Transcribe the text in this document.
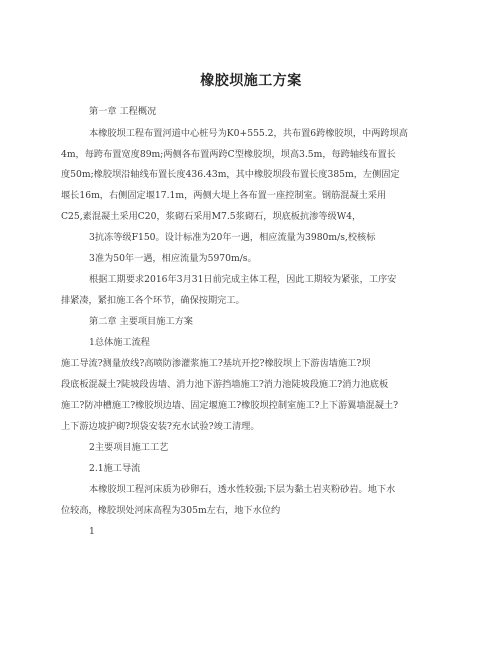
橡胶坝施工方案
第一章 工程概况
本橡胶坝工程布置河道中心桩号为K0+555.2，共布置6跨橡胶坝，中两跨坝高
4m，每跨布置宽度89m;两侧各布置两跨C型橡胶坝，坝高3.5m，每跨轴线布置长
度50m;橡胶坝沿轴线布置长度436.43m，其中橡胶坝段布置长度385m，左侧固定
堰长16m，右侧固定堰17.1m，两侧大堤上各布置一座控制室。钢筋混凝土采用
C25,素混凝土采用C20，浆砌石采用M7.5浆砌石，坝底板抗渗等级W4，
3抗冻等级F150。设计标准为20年一遇，相应流量为3980m/s,校核标
3准为50年一遇，相应流量为5970m/s。
根据工期要求2016年3月31日前完成主体工程，因此工期较为紧张，工序安
排紧凑，紧扣施工各个环节，确保按期完工。
第二章 主要项目施工方案
1总体施工流程
施工导流?测量放线?高喷防渗灌浆施工?基坑开挖?橡胶坝上下游齿墙施工?坝
段底板混凝土?陡坡段齿墙、消力池下游挡墙施工?消力池陡坡段施工?消力池底板
施工?防冲槽施工?橡胶坝边墙、固定堰施工?橡胶坝控制室施工?上下游翼墙混凝土?
上下游边坡护砌?坝袋安装?充水试验?竣工清理。
2主要项目施工工艺
2.1施工导流
本橡胶坝工程河床质为砂卵石，透水性较强;下层为黏土岩夹粉砂岩。地下水
位较高，橡胶坝处河床高程为305m左右，地下水位约
1
